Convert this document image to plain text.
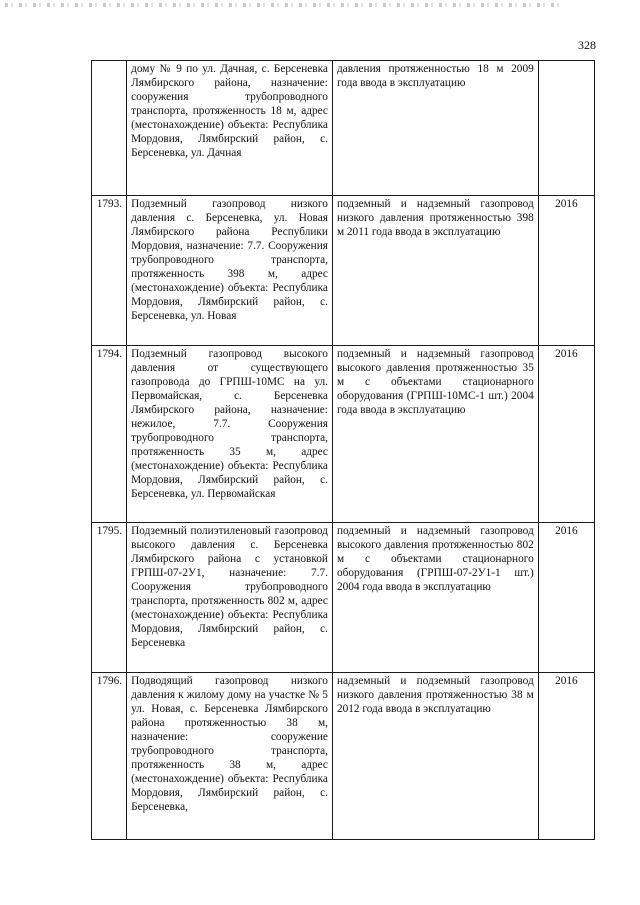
328
	дому № 9 по ул. Дачная, с. Берсеневка Лямбирского района, назначение: сооружения трубопроводного транспорта, протяженность 18 м, адрес (местонахождение) объекта: Республика Мордовия, Лямбирский район, с. Берсеневка, ул. Дачная	давления протяженностью 18 м 2009 года ввода в эксплуатацию	
1793.	Подземный газопровод низкого давления с. Берсеневка, ул. Новая Лямбирского района Республики Мордовия, назначение: 7.7. Сооружения трубопроводного транспорта, протяженность 398 м, адрес (местонахождение) объекта: Республика Мордовия, Лямбирский район, с. Берсеневка, ул. Новая	подземный и надземный газопровод низкого давления протяженностью 398 м 2011 года ввода в эксплуатацию	2016
1794.	Подземный газопровод высокого давления от существующего газопровода до ГРПШ-10МС на ул. Первомайская, с. Берсеневка Лямбирского района, назначение: нежилое, 7.7. Сооружения трубопроводного транспорта, протяженность 35 м, адрес (местонахождение) объекта: Республика Мордовия, Лямбирский район, с. Берсеневка, ул. Первомайская	подземный и надземный газопровод высокого давления протяженностью 35 м с объектами стационарного оборудования (ГРПШ-10МС-1 шт.) 2004 года ввода в эксплуатацию	2016
1795.	Подземный полиэтиленовый газопровод высокого давления с. Берсеневка Лямбирского района с установкой ГРПШ-07-2У1, назначение: 7.7. Сооружения трубопроводного транспорта, протяженность 802 м, адрес (местонахождение) объекта: Республика Мордовия, Лямбирский район, с. Берсеневка	подземный и надземный газопровод высокого давления протяженностью 802 м с объектами стационарного оборудования (ГРПШ-07-2У1-1 шт.) 2004 года ввода в эксплуатацию	2016
1796.	Подводящий газопровод низкого давления к жилому дому на участке № 5 ул. Новая, с. Берсеневка Лямбирского района протяженностью 38 м, назначение: сооружение трубопроводного транспорта, протяженность 38 м, адрес (местонахождение) объекта: Республика Мордовия, Лямбирский район, с. Берсеневка,	надземный и подземный газопровод низкого давления протяженностью 38 м 2012 года ввода в эксплуатацию	2016
